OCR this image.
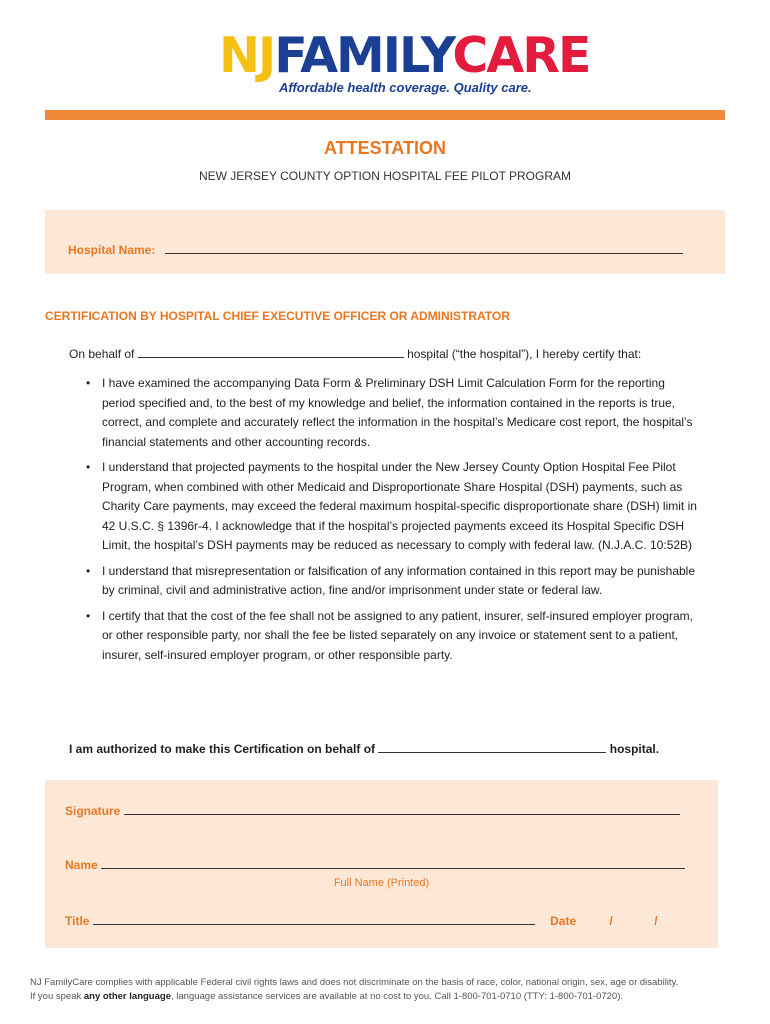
NJFAMILYCARE
Affordable health coverage. Quality care.
ATTESTATION
NEW JERSEY COUNTY OPTION HOSPITAL FEE PILOT PROGRAM
Hospital Name:
CERTIFICATION BY HOSPITAL CHIEF EXECUTIVE OFFICER OR ADMINISTRATOR
On behalf of	hospital (“the hospital”), I hereby certify that:
• I have examined the accompanying Data Form & Preliminary DSH Limit Calculation Form for the reporting period specified and, to the best of my knowledge and belief, the information contained in the reports is true, correct, and complete and accurately reflect the information in the hospital’s Medicare cost report, the hospital’s financial statements and other accounting records.
• I understand that projected payments to the hospital under the New Jersey County Option Hospital Fee Pilot Program, when combined with other Medicaid and Disproportionate Share Hospital (DSH) payments, such as Charity Care payments, may exceed the federal maximum hospital-specific disproportionate share (DSH) limit in 42 U.S.C. § 1396r-4. I acknowledge that if the hospital’s projected payments exceed its Hospital Specific DSH Limit, the hospital’s DSH payments may be reduced as necessary to comply with federal law. (N.J.A.C. 10:52B)
• I understand that misrepresentation or falsification of any information contained in this report may be punishable by criminal, civil and administrative action, fine and/or imprisonment under state or federal law.
• I certify that that the cost of the fee shall not be assigned to any patient, insurer, self-insured employer program, or other responsible party, nor shall the fee be listed separately on any invoice or statement sent to a patient, insurer, self-insured employer program, or other responsible party.
I am authorized to make this Certification on behalf of	hospital.
Signature
Name
Full Name (Printed)
Title	Date	/	/
NJ FamilyCare complies with applicable Federal civil rights laws and does not discriminate on the basis of race, color, national origin, sex, age or disability.
If you speak any other language, language assistance services are available at no cost to you. Call 1-800-701-0710 (TTY: 1-800-701-0720).
